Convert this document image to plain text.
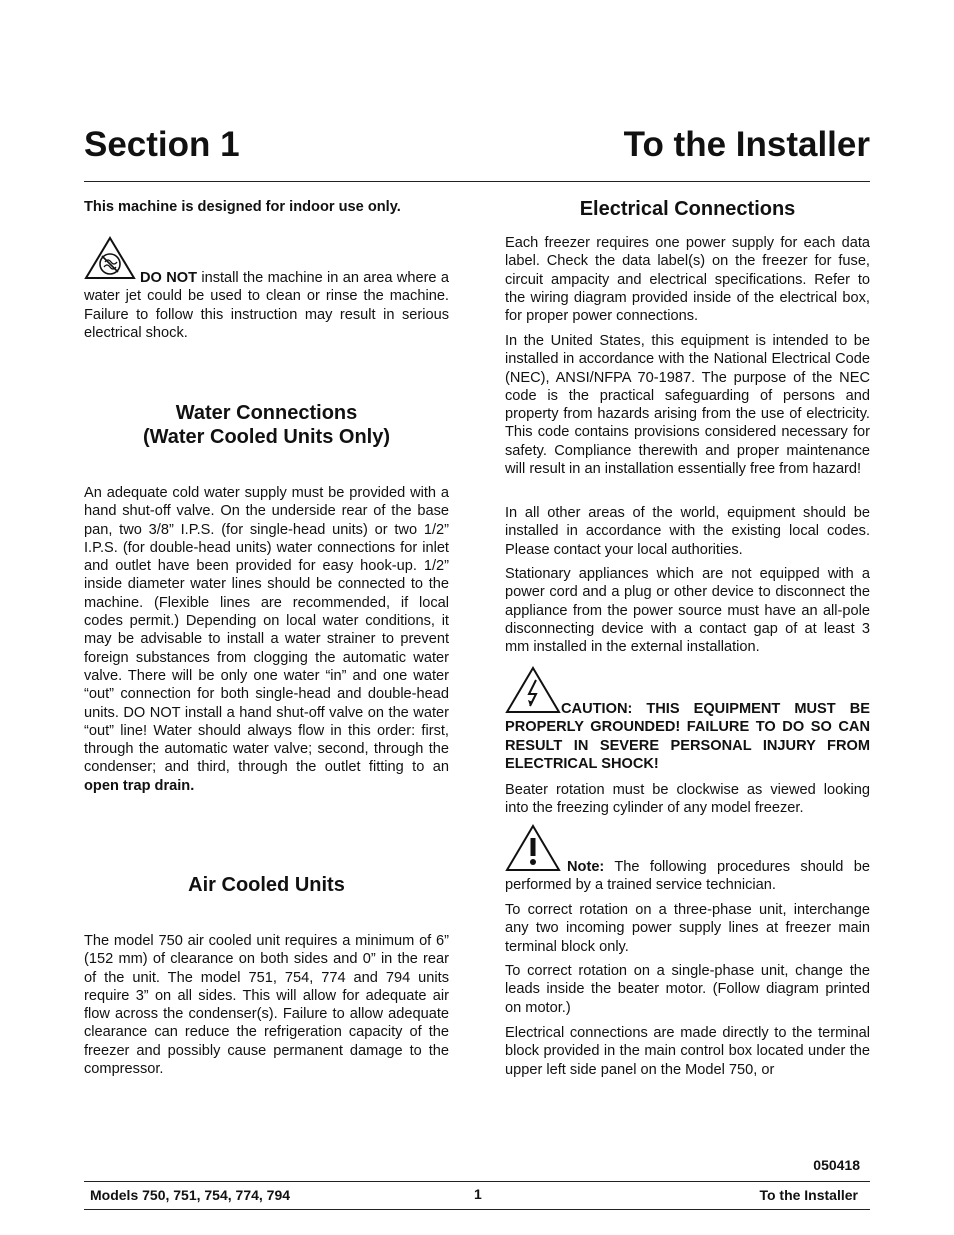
Section 1	To the Installer
This machine is designed for indoor use only.

DO NOT install the machine in an area where a water jet could be used to clean or rinse the machine. Failure to follow this instruction may result in serious electrical shock.

Water Connections
(Water Cooled Units Only)

An adequate cold water supply must be provided with a hand shut-off valve. On the underside rear of the base pan, two 3/8” I.P.S. (for single-head units) or two 1/2” I.P.S. (for double-head units) water connections for inlet and outlet have been provided for easy hook-up. 1/2” inside diameter water lines should be connected to the machine. (Flexible lines are recommended, if local codes permit.) Depending on local water conditions, it may be advisable to install a water strainer to prevent foreign substances from clogging the automatic water valve. There will be only one water “in” and one water “out” connection for both single-head and double-head units. DO NOT install a hand shut-off valve on the water “out” line! Water should always flow in this order: first, through the automatic water valve; second, through the condenser; and third, through the outlet fitting to an open trap drain.

Air Cooled Units

The model 750 air cooled unit requires a minimum of 6” (152 mm) of clearance on both sides and 0” in the rear of the unit. The model 751, 754, 774 and 794 units require 3” on all sides. This will allow for adequate air flow across the condenser(s). Failure to allow adequate clearance can reduce the refrigeration capacity of the freezer and possibly cause permanent damage to the compressor.

Electrical Connections

Each freezer requires one power supply for each data label. Check the data label(s) on the freezer for fuse, circuit ampacity and electrical specifications. Refer to the wiring diagram provided inside of the electrical box, for proper power connections.

In the United States, this equipment is intended to be installed in accordance with the National Electrical Code (NEC), ANSI/NFPA 70‑1987. The purpose of the NEC code is the practical safeguarding of persons and property from hazards arising from the use of electricity. This code contains provisions considered necessary for safety. Compliance therewith and proper maintenance will result in an installation essentially free from hazard!

In all other areas of the world, equipment should be installed in accordance with the existing local codes. Please contact your local authorities.

Stationary appliances which are not equipped with a power cord and a plug or other device to disconnect the appliance from the power source must have an all‑pole disconnecting device with a contact gap of at least 3 mm installed in the external installation.

CAUTION: THIS EQUIPMENT MUST BE PROPERLY GROUNDED! FAILURE TO DO SO CAN RESULT IN SEVERE PERSONAL INJURY FROM ELECTRICAL SHOCK!

Beater rotation must be clockwise as viewed looking into the freezing cylinder of any model freezer.

Note: The following procedures should be performed by a trained service technician.

To correct rotation on a three-phase unit, interchange any two incoming power supply lines at freezer main terminal block only.

To correct rotation on a single-phase unit, change the leads inside the beater motor. (Follow diagram printed on motor.)

Electrical connections are made directly to the terminal block provided in the main control box located under the upper left side panel on the Model 750, or

050418
Models 750, 751, 754, 774, 794	1	To the Installer
